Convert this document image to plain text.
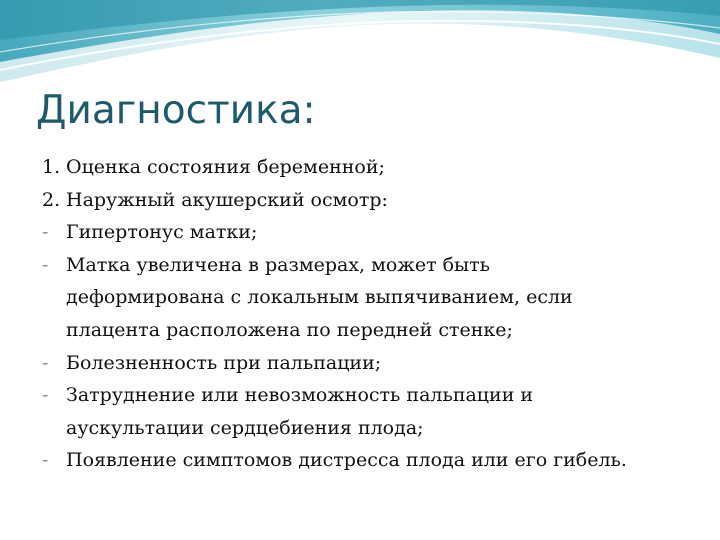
Диагностика:
1. Оценка состояния беременной;
2. Наружный акушерский осмотр:
- Гипертонус матки;
- Матка увеличена в размерах, может быть
деформирована с локальным выпячиванием, если
плацента расположена по передней стенке;
- Болезненность при пальпации;
- Затруднение или невозможность пальпации и
аускультации сердцебиения плода;
- Появление симптомов дистресса плода или его гибель.
